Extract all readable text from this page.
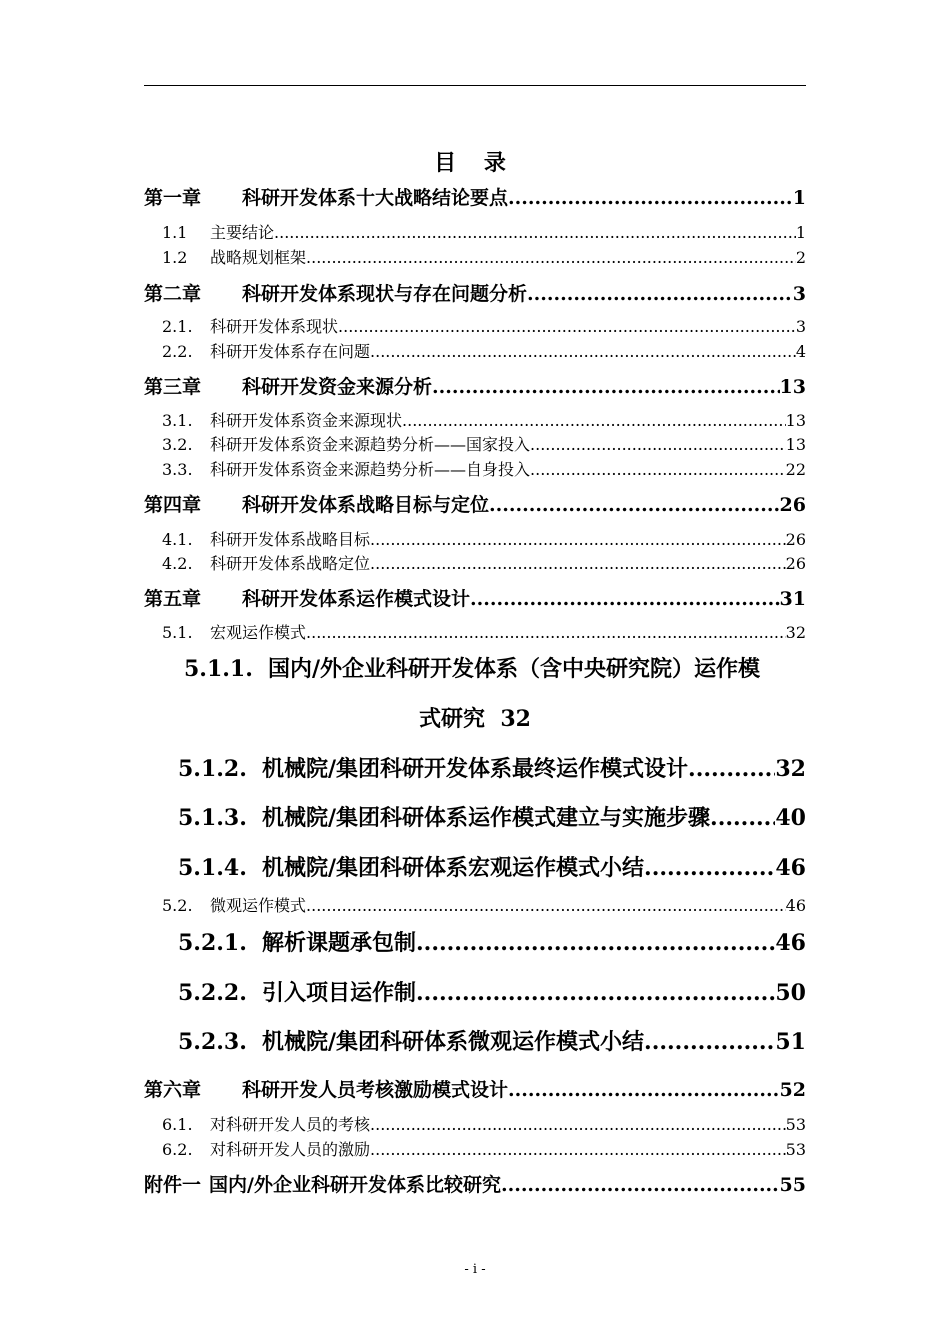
目 录
第一章	科研开发体系十大战略结论要点 .....	1
1.1	主要结论 .....	1
1.2	战略规划框架 .....	2
第二章	科研开发体系现状与存在问题分析 .....	3
2.1.	科研开发体系现状 .....	3
2.2.	科研开发体系存在问题 .....	4
第三章	科研开发资金来源分析 .....	13
3.1.	科研开发体系资金来源现状 .....	13
3.2.	科研开发体系资金来源趋势分析——国家投入 .....	13
3.3.	科研开发体系资金来源趋势分析——自身投入 .....	22
第四章	科研开发体系战略目标与定位 .....	26
4.1.	科研开发体系战略目标 .....	26
4.2.	科研开发体系战略定位 .....	26
第五章	科研开发体系运作模式设计 .....	31
5.1.	宏观运作模式 .....	32
5.1.1. 国内/外企业科研开发体系（含中央研究院）运作模
式研究 32
5.1.2. 机械院/集团科研开发体系最终运作模式设计 .....	32
5.1.3. 机械院/集团科研体系运作模式建立与实施步骤 .....	40
5.1.4. 机械院/集团科研体系宏观运作模式小结 .....	46
5.2.	微观运作模式 .....	46
5.2.1. 解析课题承包制 .....	46
5.2.2. 引入项目运作制 .....	50
5.2.3. 机械院/集团科研体系微观运作模式小结 .....	51
第六章	科研开发人员考核激励模式设计 .....	52
6.1.	对科研开发人员的考核 .....	53
6.2.	对科研开发人员的激励 .....	53
附件一 国内/外企业科研开发体系比较研究 .....	55
- i -
